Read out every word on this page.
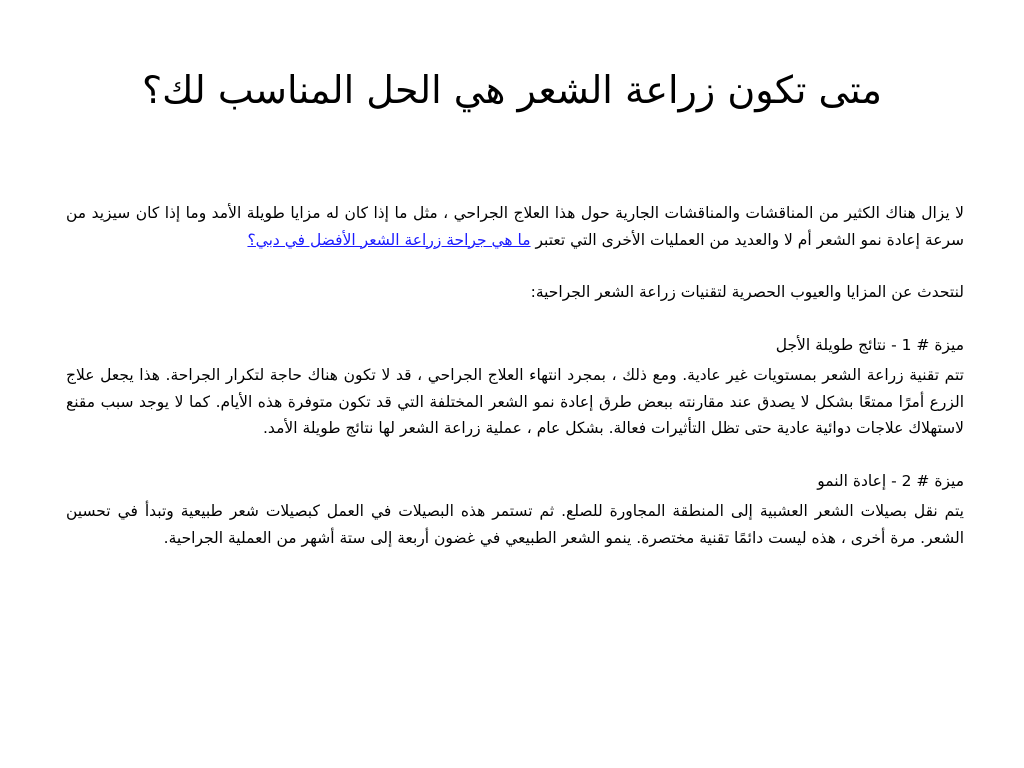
متى تكون زراعة الشعر هي الحل المناسب لك؟

لا يزال هناك الكثير من المناقشات والمناقشات الجارية حول هذا العلاج الجراحي ، مثل ما إذا كان له مزايا طويلة الأمد وما إذا كان سيزيد من سرعة إعادة نمو الشعر أم لا والعديد من العمليات الأخرى التي تعتبر ما هي جراحة زراعة الشعر الأفضل في دبي؟

لنتحدث عن المزايا والعيوب الحصرية لتقنيات زراعة الشعر الجراحية:

ميزة # 1 - نتائج طويلة الأجل

تتم تقنية زراعة الشعر بمستويات غير عادية. ومع ذلك ، بمجرد انتهاء العلاج الجراحي ، قد لا تكون هناك حاجة لتكرار الجراحة. هذا يجعل علاج الزرع أمرًا ممتعًا بشكل لا يصدق عند مقارنته ببعض طرق إعادة نمو الشعر المختلفة التي قد تكون متوفرة هذه الأيام. كما لا يوجد سبب مقنع لاستهلاك علاجات دوائية عادية حتى تظل التأثيرات فعالة. بشكل عام ، عملية زراعة الشعر لها نتائج طويلة الأمد.

ميزة # 2 - إعادة النمو

يتم نقل بصيلات الشعر العشبية إلى المنطقة المجاورة للصلع. ثم تستمر هذه البصيلات في العمل كبصيلات شعر طبيعية وتبدأ في تحسين الشعر. مرة أخرى ، هذه ليست دائمًا تقنية مختصرة. ينمو الشعر الطبيعي في غضون أربعة إلى ستة أشهر من العملية الجراحية.
